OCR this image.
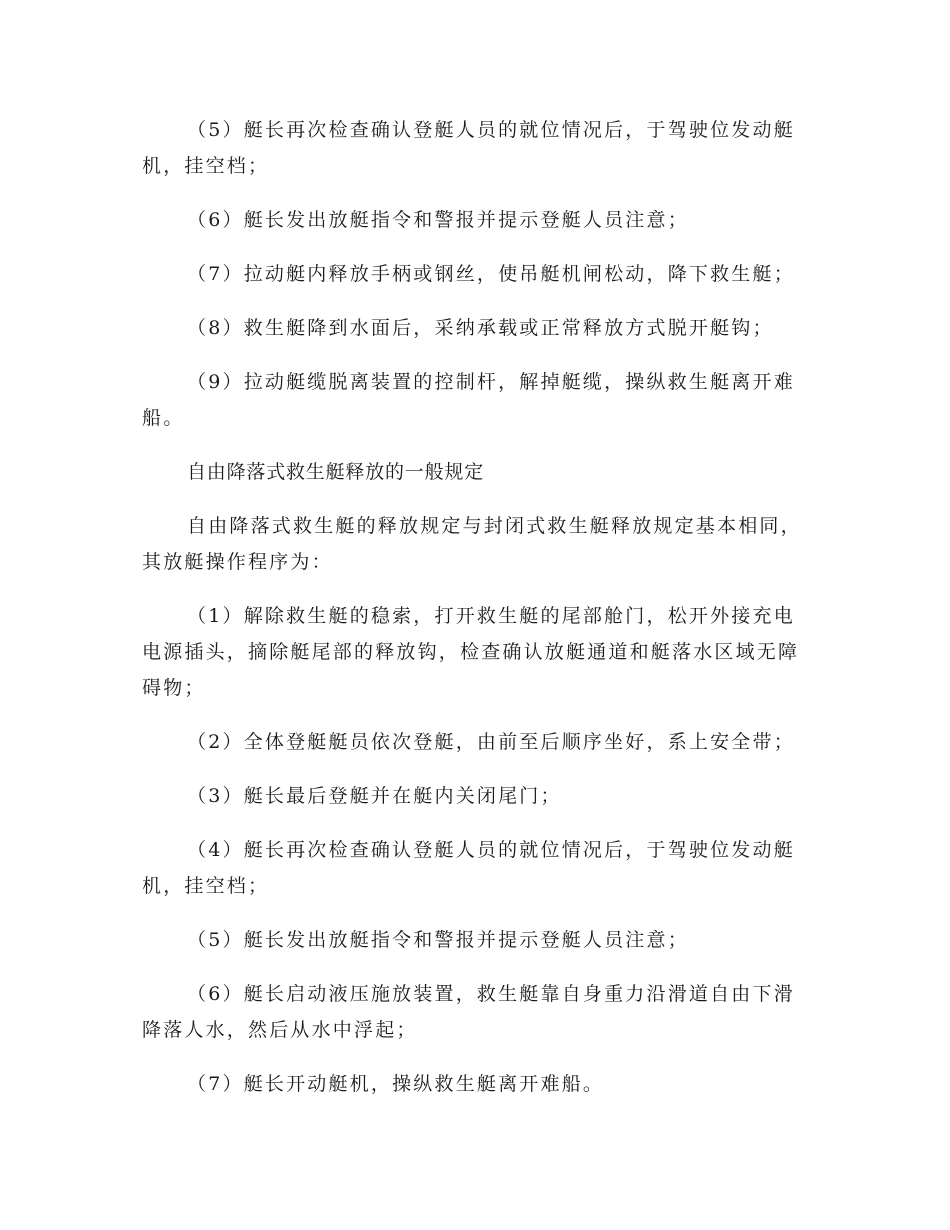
（5）艇长再次检查确认登艇人员的就位情况后，于驾驶位发动艇机，挂空档；

（6）艇长发出放艇指令和警报并提示登艇人员注意；

（7）拉动艇内释放手柄或钢丝，使吊艇机闸松动，降下救生艇；

（8）救生艇降到水面后，采纳承载或正常释放方式脱开艇钩；

（9）拉动艇缆脱离装置的控制杆，解掉艇缆，操纵救生艇离开难船。

自由降落式救生艇释放的一般规定

自由降落式救生艇的释放规定与封闭式救生艇释放规定基本相同，其放艇操作程序为：

（1）解除救生艇的稳索，打开救生艇的尾部舱门，松开外接充电电源插头，摘除艇尾部的释放钩，检查确认放艇通道和艇落水区域无障碍物；

（2）全体登艇艇员依次登艇，由前至后顺序坐好，系上安全带；

（3）艇长最后登艇并在艇内关闭尾门；

（4）艇长再次检查确认登艇人员的就位情况后，于驾驶位发动艇机，挂空档；

（5）艇长发出放艇指令和警报并提示登艇人员注意；

（6）艇长启动液压施放装置，救生艇靠自身重力沿滑道自由下滑降落人水，然后从水中浮起；

（7）艇长开动艇机，操纵救生艇离开难船。
